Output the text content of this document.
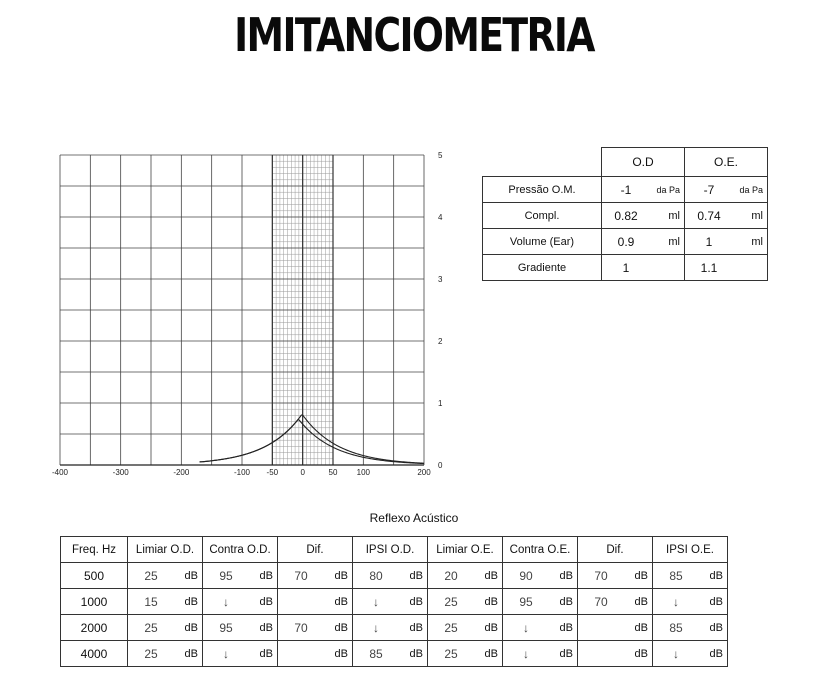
IMITANCIOMETRIA
-400	-300	-200	-100 -50	0	50 100	200
0
1
2
3
4
5
		O.D		O.E.	
Pressão O.M.	-1	da Pa	-7	da Pa
Compl.	0.82	ml	0.74	ml
Volume (Ear)	0.9	ml	1	ml
Gradiente	1		1.1	
Reflexo Acústico
Freq. Hz	Limiar O.D.		Contra O.D.		Dif.		IPSI O.D.		Limiar O.E.		Contra O.E.		Dif.		IPSI O.E.	
500	25	dB	95	dB	70	dB	80	dB	20	dB	90	dB	70	dB	85	dB
1000	15	dB	↓	dB		dB	↓	dB	25	dB	95	dB	70	dB	↓	dB
2000	25	dB	95	dB	70	dB	↓	dB	25	dB	↓	dB		dB	85	dB
4000	25	dB	↓	dB		dB	85	dB	25	dB	↓	dB		dB	↓	dB
